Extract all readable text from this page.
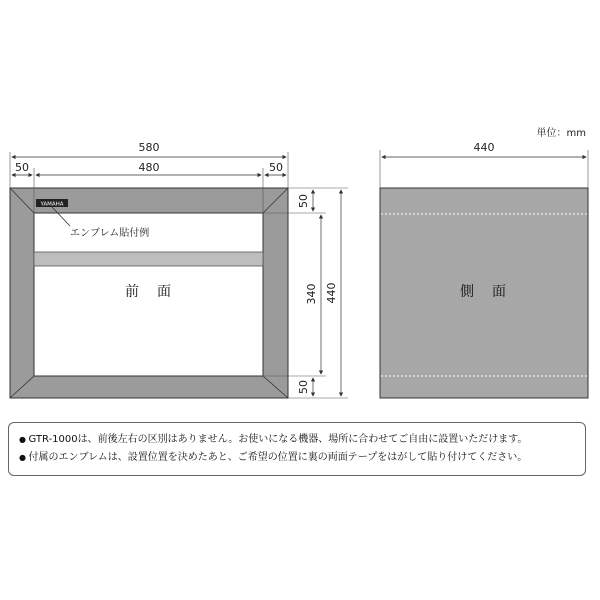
YAMAHA
エンブレム貼付例
前　面
580
50	480	50
50
340
50
440	側　面
440
単位：mm
● GTR-1000は、前後左右の区別はありません。お使いになる機器、場所に合わせてご自由に設置いただけます。
● 付属のエンブレムは、設置位置を決めたあと、ご希望の位置に裏の両面テープをはがして貼り付けてください。
